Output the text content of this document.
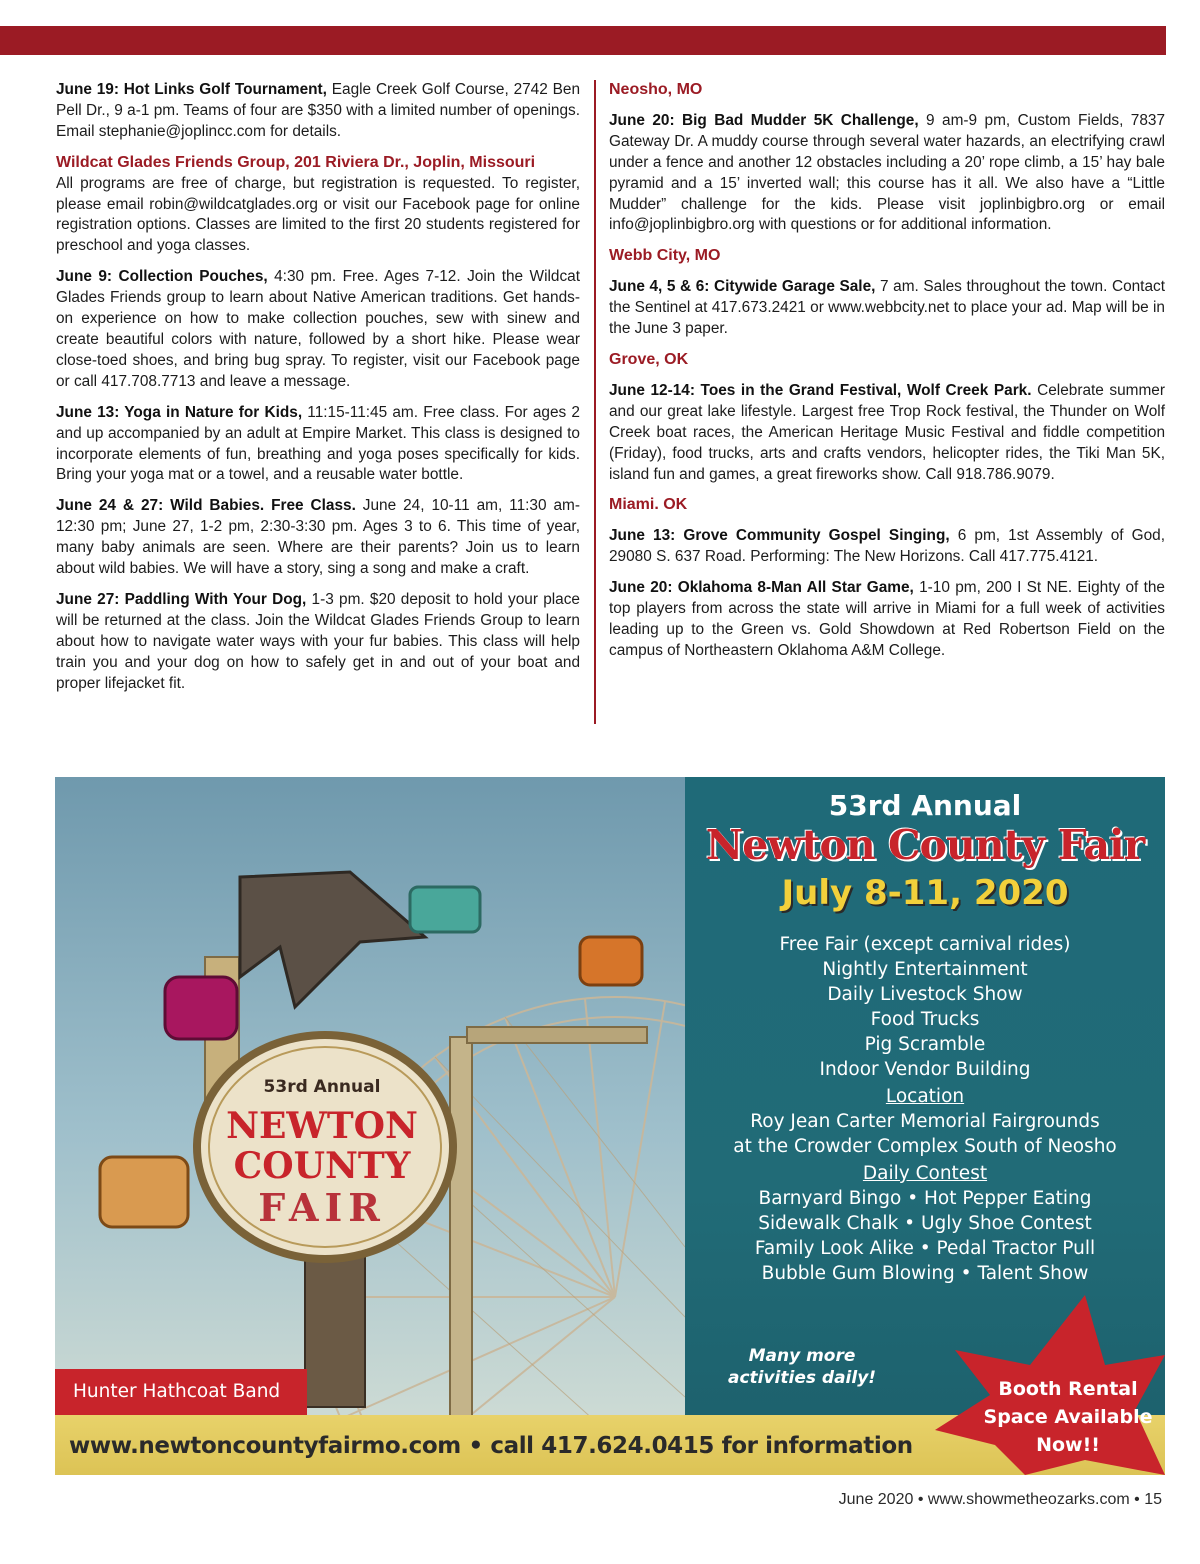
June 19: Hot Links Golf Tournament, Eagle Creek Golf Course, 2742 Ben Pell Dr., 9 a-1 pm. Teams of four are $350 with a limited number of openings. Email stephanie@joplincc.com for details.

Wildcat Glades Friends Group, 201 Riviera Dr., Joplin, Missouri
All programs are free of charge, but registration is requested. To register, please email robin@wildcatglades.org or visit our Facebook page for online registration options. Classes are limited to the first 20 students registered for preschool and yoga classes.

June 9: Collection Pouches, 4:30 pm. Free. Ages 7-12. Join the Wildcat Glades Friends group to learn about Native American traditions. Get hands-on experience on how to make collection pouches, sew with sinew and create beautiful colors with nature, followed by a short hike. Please wear close-toed shoes, and bring bug spray. To register, visit our Facebook page or call 417.708.7713 and leave a message.

June 13: Yoga in Nature for Kids, 11:15-11:45 am. Free class. For ages 2 and up accompanied by an adult at Empire Market. This class is designed to incorporate elements of fun, breathing and yoga poses specifically for kids. Bring your yoga mat or a towel, and a reusable water bottle.

June 24 & 27: Wild Babies. Free Class. June 24, 10-11 am, 11:30 am-12:30 pm; June 27, 1-2 pm, 2:30-3:30 pm. Ages 3 to 6. This time of year, many baby animals are seen. Where are their parents? Join us to learn about wild babies. We will have a story, sing a song and make a craft.

June 27: Paddling With Your Dog, 1-3 pm. $20 deposit to hold your place will be returned at the class. Join the Wildcat Glades Friends Group to learn about how to navigate water ways with your fur babies. This class will help train you and your dog on how to safely get in and out of your boat and proper lifejacket fit.

Neosho, MO

June 20: Big Bad Mudder 5K Challenge, 9 am-9 pm, Custom Fields, 7837 Gateway Dr. A muddy course through several water hazards, an electrifying crawl under a fence and another 12 obstacles including a 20’ rope climb, a 15’ hay bale pyramid and a 15’ inverted wall; this course has it all. We also have a “Little Mudder” challenge for the kids. Please visit joplinbigbro.org or email info@joplinbigbro.org with questions or for additional information.

Webb City, MO

June 4, 5 & 6: Citywide Garage Sale, 7 am. Sales throughout the town. Contact the Sentinel at 417.673.2421 or www.webbcity.net to place your ad. Map will be in the June 3 paper.

Grove, OK

June 12-14: Toes in the Grand Festival, Wolf Creek Park. Celebrate summer and our great lake lifestyle. Largest free Trop Rock festival, the Thunder on Wolf Creek boat races, the American Heritage Music Festival and fiddle competition (Friday), food trucks, arts and crafts vendors, helicopter rides, the Tiki Man 5K, island fun and games, a great fireworks show. Call 918.786.9079.

Miami. OK

June 13: Grove Community Gospel Singing, 6 pm, 1st Assembly of God, 29080 S. 637 Road. Performing: The New Horizons. Call 417.775.4121.

June 20: Oklahoma 8-Man All Star Game, 1-10 pm, 200 I St NE. Eighty of the top players from across the state will arrive in Miami for a full week of activities leading up to the Green vs. Gold Showdown at Red Robertson Field on the campus of Northeastern Oklahoma A&M College.

53rd Annual
NEWTON
COUNTY
FAIR
53rd Annual
Newton County Fair
July 8-11, 2020
Free Fair (except carnival rides)
Nightly Entertainment
Daily Livestock Show
Food Trucks
Pig Scramble
Indoor Vendor Building
Location
Roy Jean Carter Memorial Fairgrounds
at the Crowder Complex South of Neosho
Daily Contest
Barnyard Bingo • Hot Pepper Eating
Sidewalk Chalk • Ugly Shoe Contest
Family Look Alike • Pedal Tractor Pull
Bubble Gum Blowing • Talent Show
Many more
activities daily!
Hunter Hathcoat Band
www.newtoncountyfairmo.com • call 417.624.0415 for information
Booth Rental
Space Available
Now!!
June 2020 • www.showmetheozarks.com • 15
